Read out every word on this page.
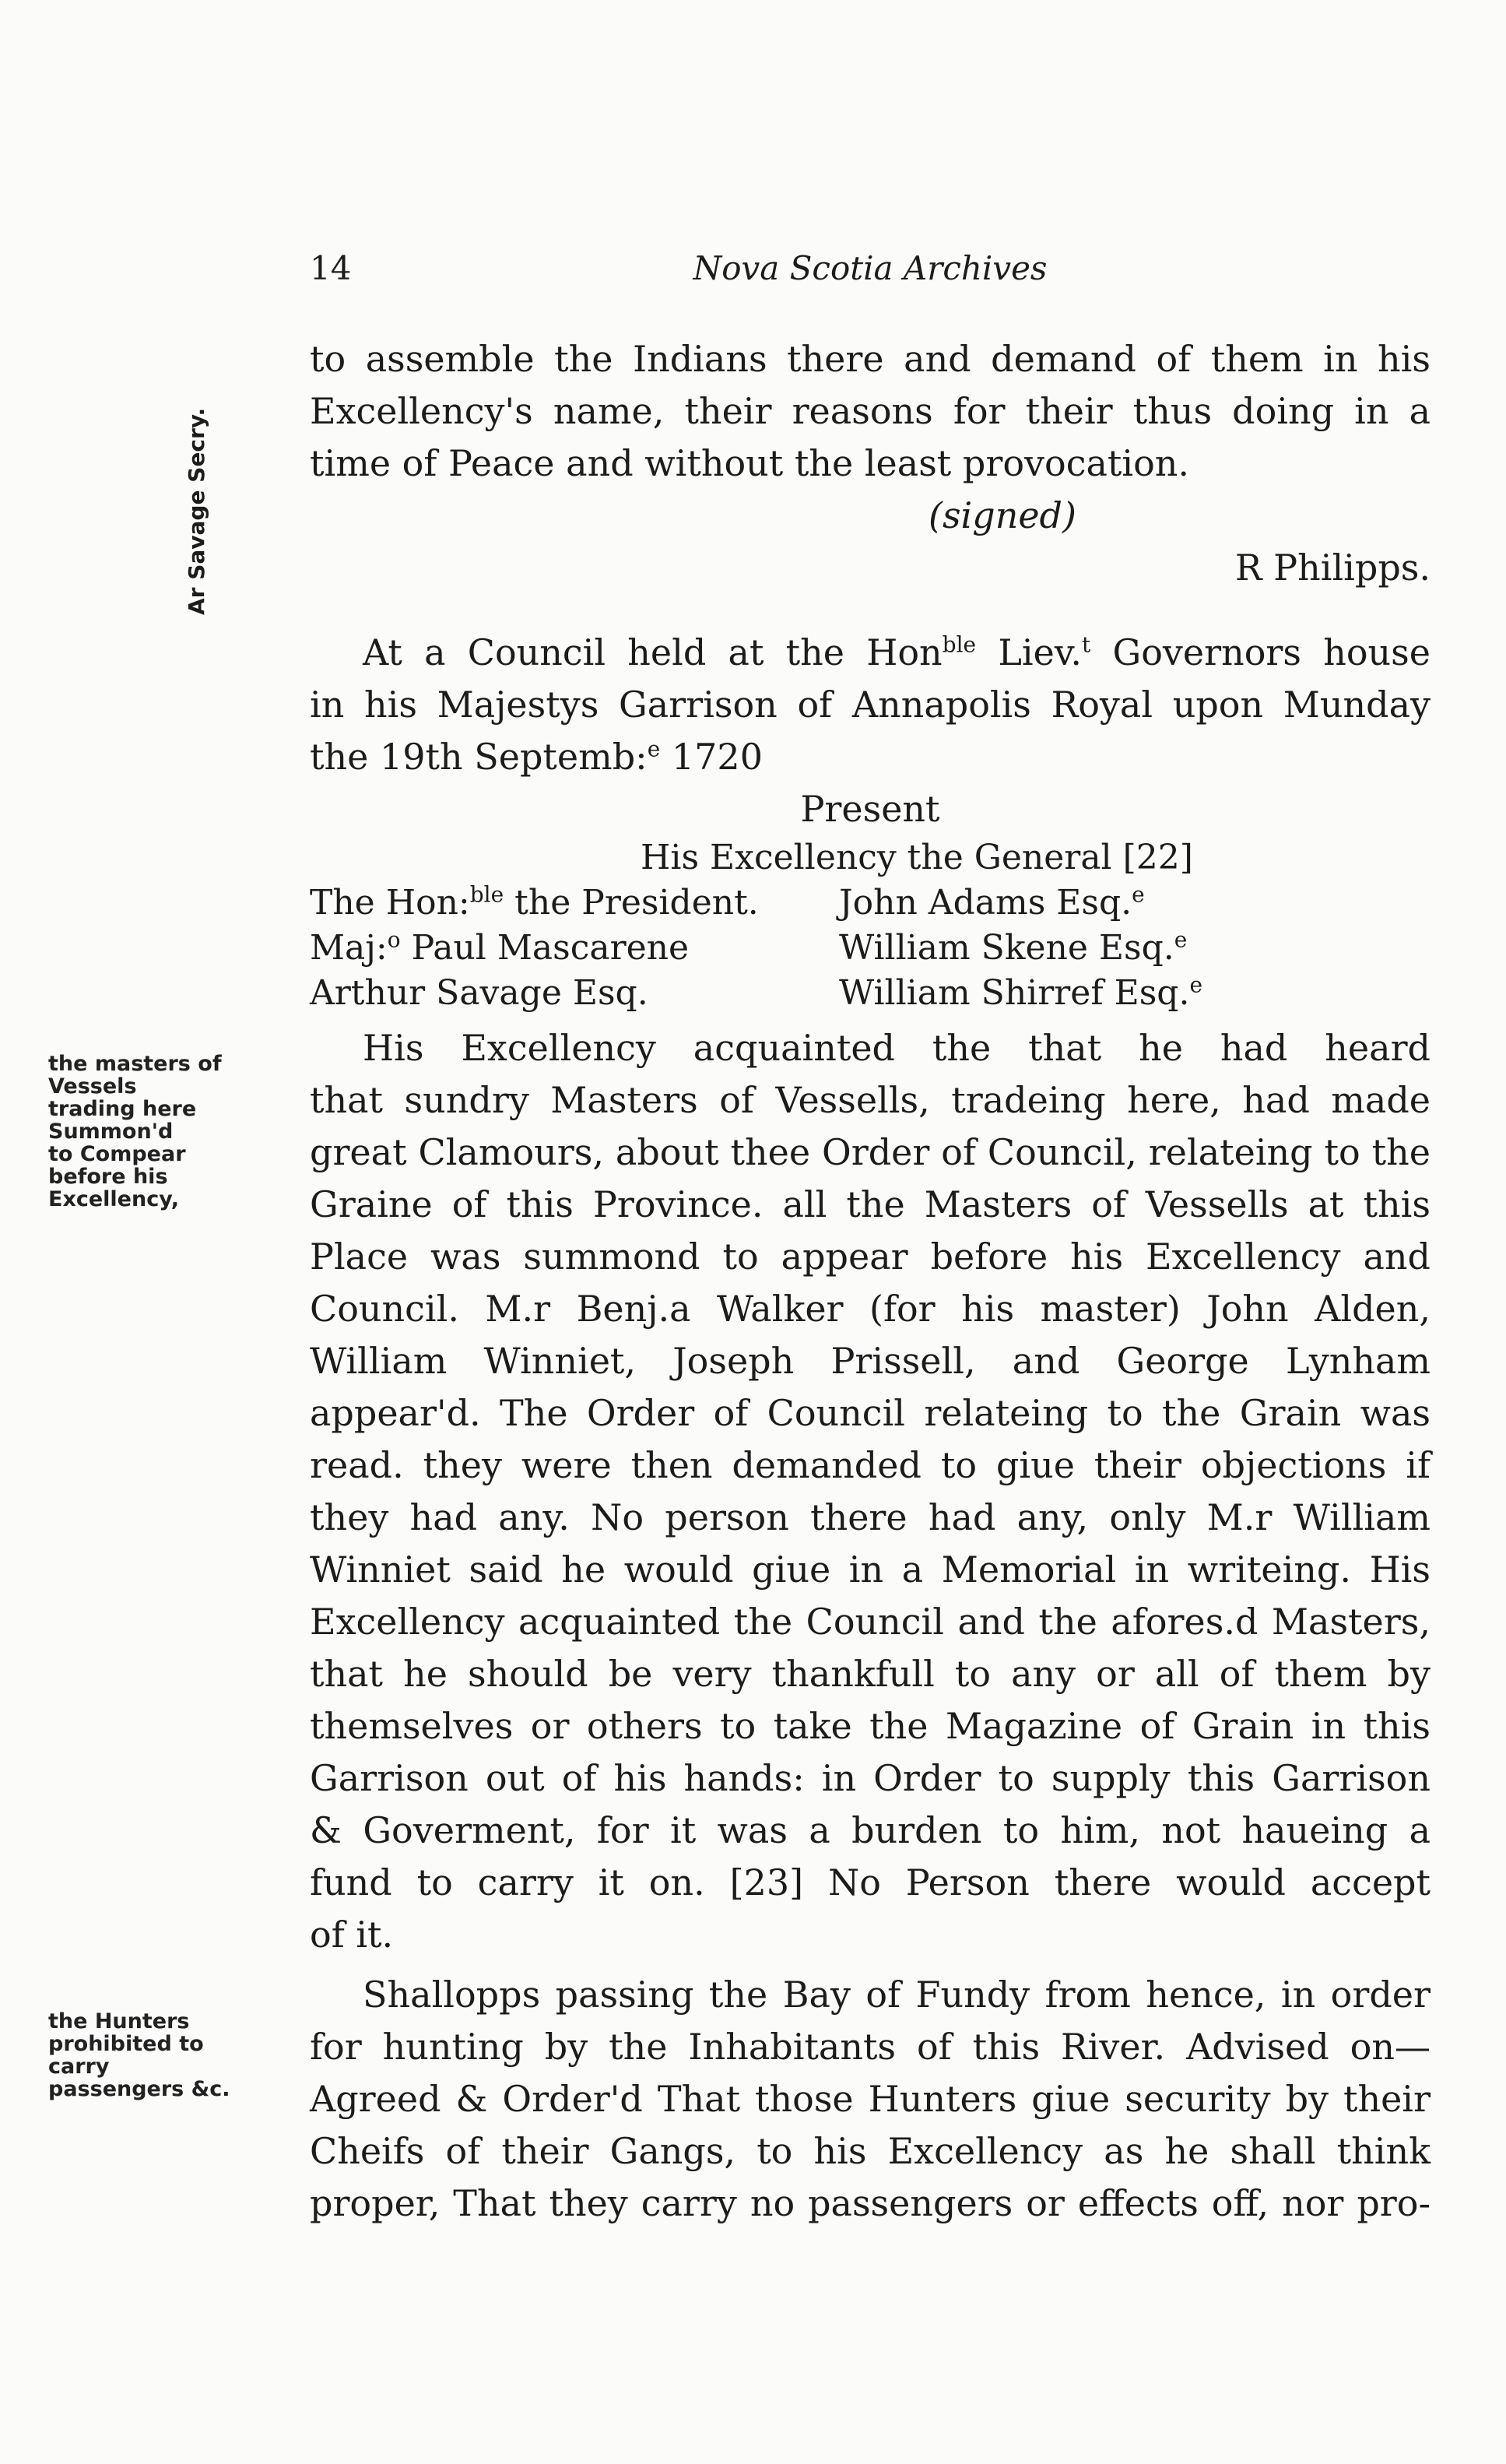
14	Nova Scotia Archives
Ar Savage Secry.
the masters of
Vessels
trading here
Summon'd
to Compear
before his
Excellency,
the Hunters
prohibited to
carry
passengers &c.
to assemble the Indians there and demand of them in his
Excellency's name, their reasons for their thus doing in a
time of Peace and without the least provocation.
(signed)
R Philipps.
At a Council held at the Hon$^{ble}$ Liev.$^t$ Governors house
in his Majestys Garrison of Annapolis Royal upon Munday
the 19th Septemb:$^e$ 1720
Present
His Excellency the General [22]
The Hon:$^{ble}$ the President.	John Adams Esq.$^e$
Maj:$^o$ Paul Mascarene	William Skene Esq.$^e$
Arthur Savage Esq.	William Shirref Esq.$^e$
His Excellency acquainted the that he had heard
that sundry Masters of Vessells, tradeing here, had made
great Clamours, about thee Order of Council, relateing to the
Graine of this Province. all the Masters of Vessells at this
Place was summond to appear before his Excellency and
Council. M.r Benj.a Walker (for his master) John Alden,
William Winniet, Joseph Prissell, and George Lynham
appear'd. The Order of Council relateing to the Grain was
read. they were then demanded to giue their objections if
they had any. No person there had any, only M.r William
Winniet said he would giue in a Memorial in writeing. His
Excellency acquainted the Council and the afores.d Masters,
that he should be very thankfull to any or all of them by
themselves or others to take the Magazine of Grain in this
Garrison out of his hands: in Order to supply this Garrison
& Goverment, for it was a burden to him, not haueing a
fund to carry it on. [23] No Person there would accept
of it.
Shallopps passing the Bay of Fundy from hence, in order
for hunting by the Inhabitants of this River. Advised on—
Agreed & Order'd That those Hunters giue security by their
Cheifs of their Gangs, to his Excellency as he shall think
proper, That they carry no passengers or effects off, nor pro-
